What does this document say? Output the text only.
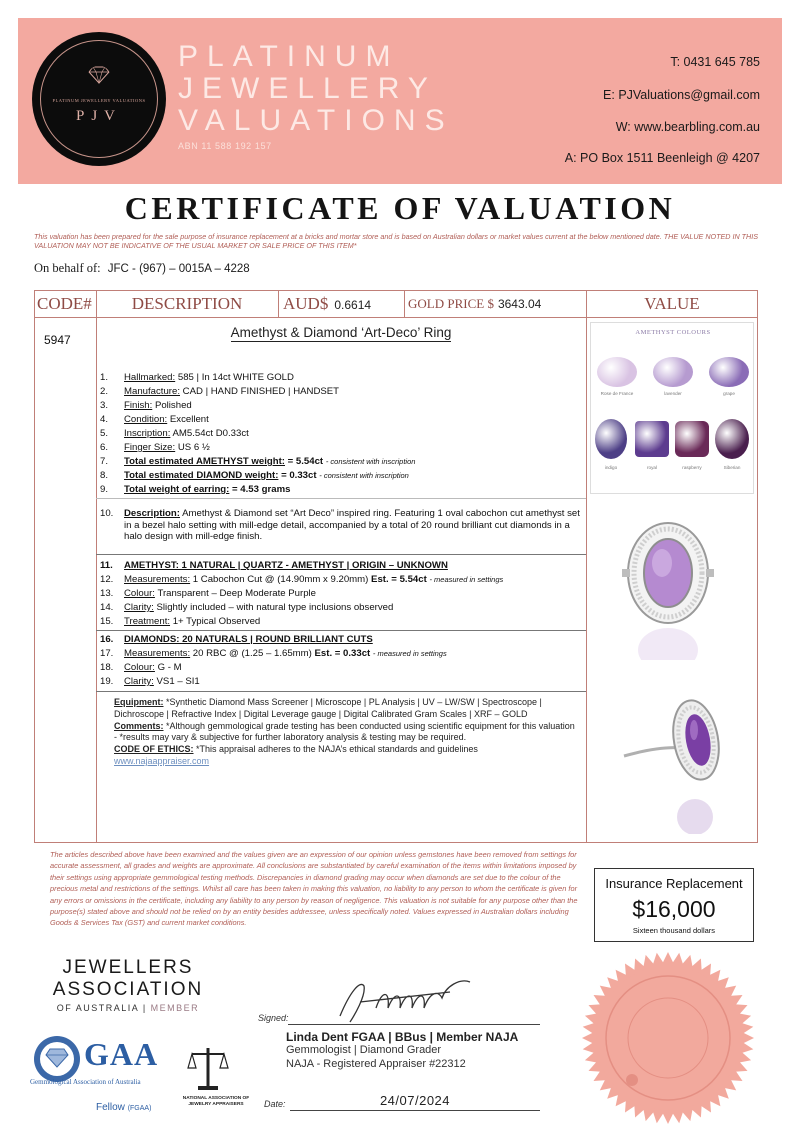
PLATINUM JEWELLERY VALUATIONS
PJV
PLATINUM
JEWELLERY
VALUATIONS
ABN 11 588 192 157
T: 0431 645 785
E: PJValuations@gmail.com
W: www.bearbling.com.au
A: PO Box 1511 Beenleigh @ 4207
CERTIFICATE OF VALUATION
This valuation has been prepared for the sale purpose of insurance replacement at a bricks and mortar store and is based on Australian dollars or market values current at the below mentioned date. THE VALUE NOTED IN THIS VALUATION MAY NOT BE INDICATIVE OF THE USUAL MARKET OR SALE PRICE OF THIS ITEM*
On behalf of: JFC - (967) – 0015A – 4228
CODE#	DESCRIPTION	AUD$ 0.6614	GOLD PRICE $ 3643.04	VALUE
5947	Amethyst & Diamond ‘Art-Deco’ Ring
1. Hallmarked: 585 | In 14ct WHITE GOLD
2. Manufacture: CAD | HAND FINISHED | HANDSET
3. Finish: Polished
4. Condition: Excellent
5. Inscription: AM5.54ct D0.33ct
6. Finger Size: US 6 ½
7. Total estimated AMETHYST weight: = 5.54ct - consistent with inscription
8. Total estimated DIAMOND weight: = 0.33ct - consistent with inscription
9. Total weight of earring: = 4.53 grams
10. Description: Amethyst & Diamond set “Art Deco” inspired ring. Featuring 1 oval cabochon cut amethyst set in a bezel halo setting with mill-edge detail, accompanied by a total of 20 round brilliant cut diamonds in a halo design with mill-edge finish.
11. AMETHYST: 1 NATURAL | QUARTZ - AMETHYST | ORIGIN – UNKNOWN
12. Measurements: 1 Cabochon Cut @ (14.90mm x 9.20mm) Est. = 5.54ct - measured in settings
13. Colour: Transparent – Deep Moderate Purple
14. Clarity: Slightly included – with natural type inclusions observed
15. Treatment: 1+ Typical Observed
16. DIAMONDS: 20 NATURALS | ROUND BRILLIANT CUTS
17. Measurements: 20 RBC @ (1.25 – 1.65mm) Est. = 0.33ct - measured in settings
18. Colour: G - M
19. Clarity: VS1 – SI1
Equipment: *Synthetic Diamond Mass Screener | Microscope | PL Analysis | UV – LW/SW | Spectroscope | Dichroscope | Refractive Index | Digital Leverage gauge | Digital Calibrated Gram Scales | XRF – GOLD
Comments: *Although gemmological grade testing has been conducted using scientific equipment for this valuation - *results may vary & subjective for further laboratory analysis & testing may be required.
CODE OF ETHICS: *This appraisal adheres to the NAJA’s ethical standards and guidelines
www.najaappraiser.com
AMETHYST COLOURS
Rose de France	lavender	grape
indigo	royal	raspberry	Siberian
The articles described above have been examined and the values given are an expression of our opinion unless gemstones have been removed from settings for accurate assessment, all grades and weights are approximate. All conclusions are substantiated by careful examination of the items within limitations imposed by their settings using appropriate gemmological testing methods. Discrepancies in diamond grading may occur when diamonds are set due to the colour of the precious metal and restrictions of the settings. Whilst all care has been taken in making this valuation, no liability to any person to whom the certificate is given for any errors or omissions in the certificate, including any liability to any person by reason of negligence. This valuation is not suitable for any purpose other than the purpose(s) stated above and should not be relied on by an entity besides addressee, unless specifically noted. Values expressed in Australian dollars including Goods & Services Tax (GST) and current market conditions.
Insurance Replacement
$16,000
Sixteen thousand dollars
JEWELLERS
ASSOCIATION
OF AUSTRALIA | MEMBER
GAA
Gemmological Association of Australia
Fellow (FGAA)
NATIONAL ASSOCIATION OF JEWELRY APPRAISERS
Signed:
Linda Dent FGAA | BBus | Member NAJA
Gemmologist | Diamond Grader
NAJA - Registered Appraiser #22312
Date:	24/07/2024
